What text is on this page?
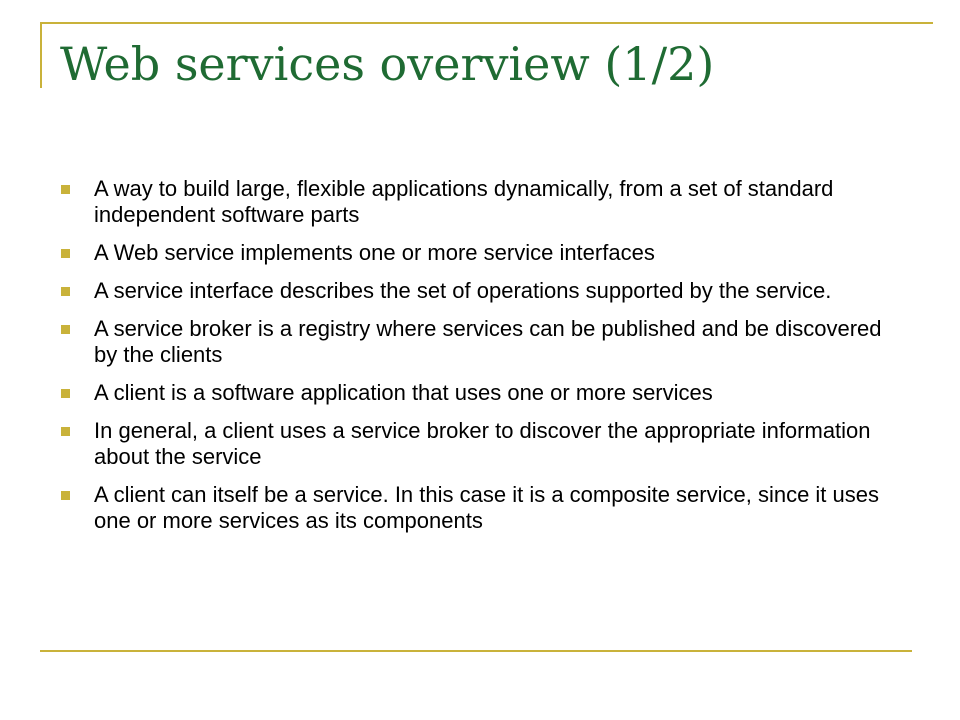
Web services overview (1/2)
A way to build large, flexible applications dynamically, from a set of standard independent software parts
A Web service implements one or more service interfaces
A service interface describes the set of operations supported by the service.
A service broker is a registry where services can be published and be discovered by the clients
A client is a software application that uses one or more services
In general, a client uses a service broker to discover the appropriate information about the service
A client can itself be a service. In this case it is a composite service, since it uses one or more services as its components
